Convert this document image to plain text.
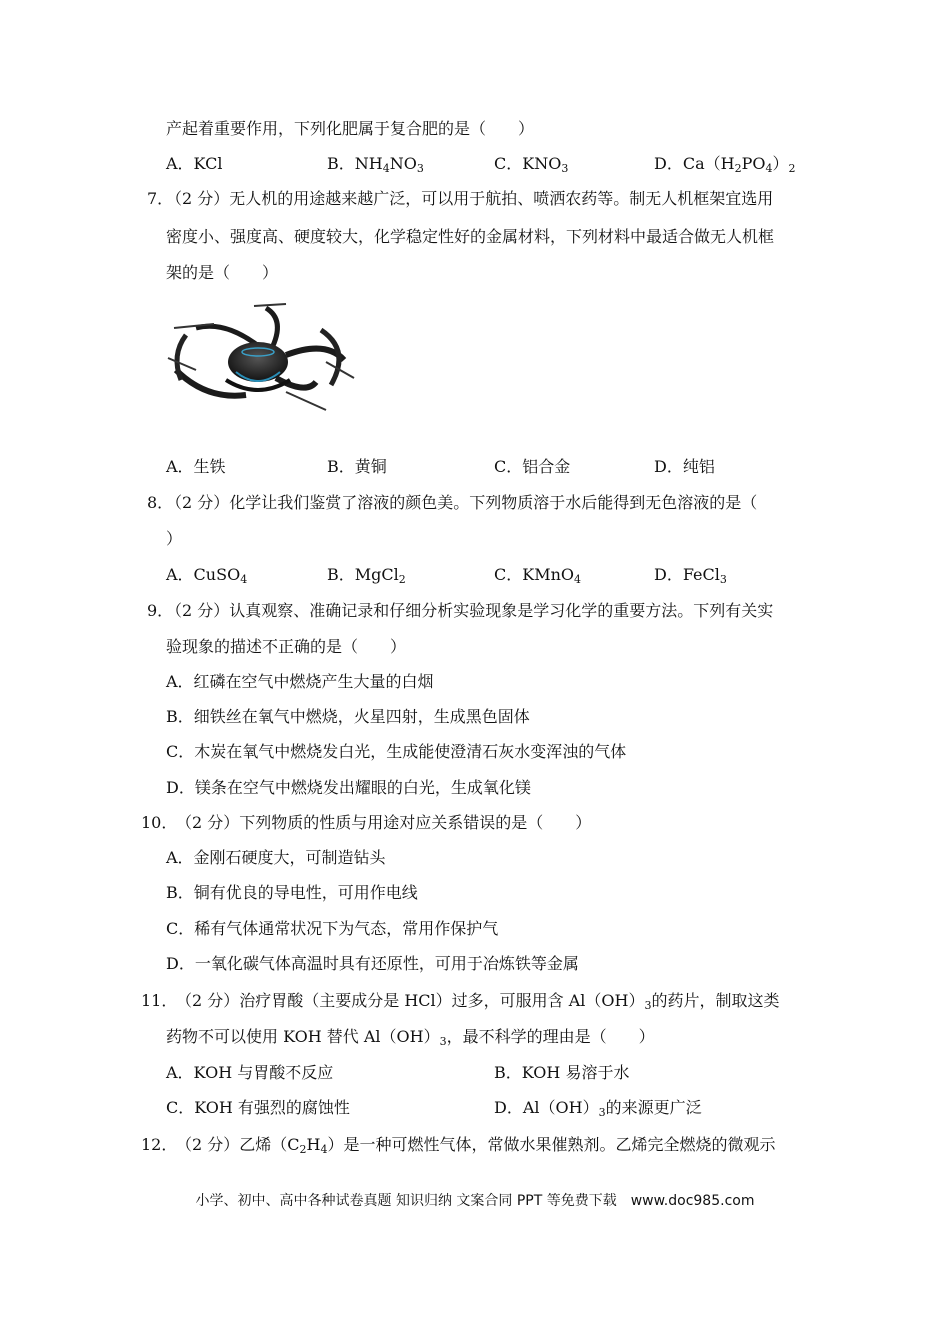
产起着重要作用，下列化肥属于复合肥的是（　　）
A．KCl	B．$NH_4NO_3$	C．$KNO_3$	D．$Ca(H_2PO_4)_2$
7．
（2 分）无人机的用途越来越广泛，可以用于航拍、喷洒农药等。制无人机框架宜选用
密度小、强度高、硬度较大，化学稳定性好的金属材料，下列材料中最适合做无人机框
架的是（　　）
A．生铁	B．黄铜	C．铝合金	D．纯铝
8．
（2 分）化学让我们鉴赏了溶液的颜色美。下列物质溶于水后能得到无色溶液的是（
）
A．CuSO$_4$	B．MgCl$_2$	C．KMnO$_4$	D．FeCl$_3$
9．
（2 分）认真观察、准确记录和仔细分析实验现象是学习化学的重要方法。下列有关实
验现象的描述不正确的是（　　）
A．红磷在空气中燃烧产生大量的白烟
B．细铁丝在氧气中燃烧，火星四射，生成黑色固体
C．木炭在氧气中燃烧发白光，生成能使澄清石灰水变浑浊的气体
D．镁条在空气中燃烧发出耀眼的白光，生成氧化镁
10．
（2 分）下列物质的性质与用途对应关系错误的是（　　）
A．金刚石硬度大，可制造钻头
B．铜有优良的导电性，可用作电线
C．稀有气体通常状况下为气态，常用作保护气
D．一氧化碳气体高温时具有还原性，可用于冶炼铁等金属
11．
（2 分）治疗胃酸（主要成分是 HCl）过多，可服用含 $Al(OH)_3$的药片，制取这类
药物不可以使用 KOH 替代 $Al(OH)_3$，最不科学的理由是（　　）
A．KOH 与胃酸不反应	B．KOH 易溶于水
C．KOH 有强烈的腐蚀性	D．$Al(OH)_3$的来源更广泛
12．
（2 分）乙烯$(C_2H_4)$是一种可燃性气体，常做水果催熟剂。乙烯完全燃烧的微观示
小学、初中、高中各种试卷真题 知识归纳 文案合同 PPT 等免费下载　www.doc985.com
